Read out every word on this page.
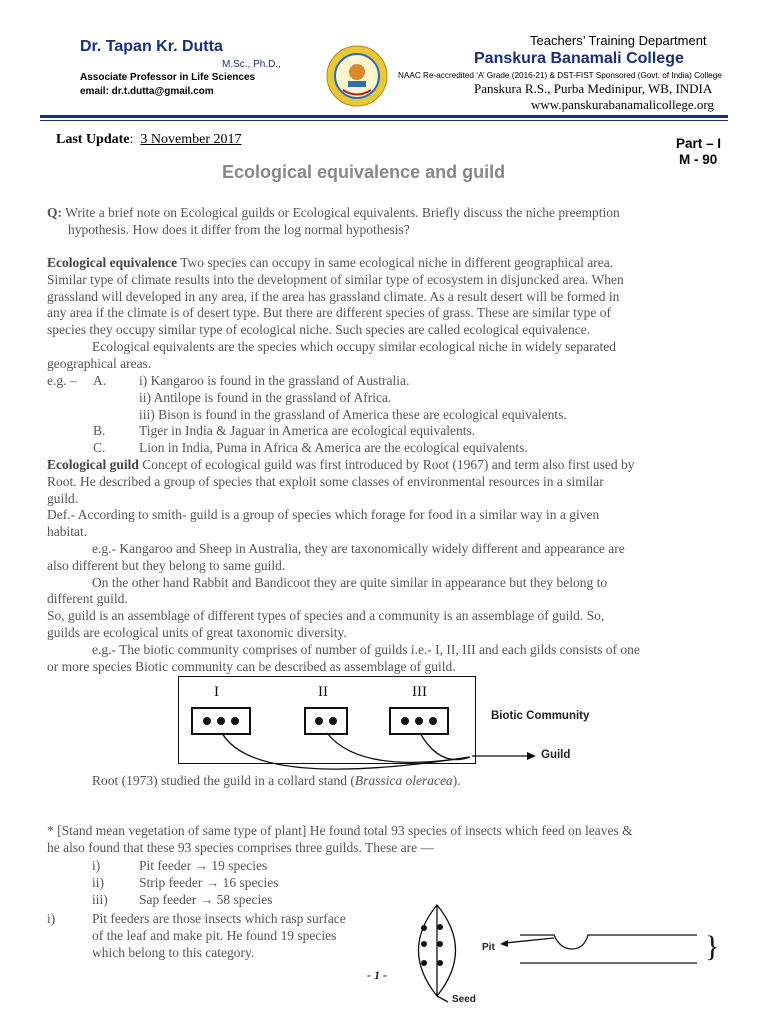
Dr. Tapan Kr. Dutta
M.Sc., Ph.D.,
Associate Professor in Life Sciences
email: dr.t.dutta@gmail.com
Teachers’ Training Department
Panskura Banamali College
NAAC Re-accredited ‘A’ Grade (2016-21) & DST-FIST Sponsored (Govt. of India) College
Panskura R.S., Purba Medinipur, WB, INDIA
www.panskurabanamalicollege.org
Last Update:  3 November 2017	Part – I
M - 90
Ecological equivalence and guild
Q: Write a brief note on Ecological guilds or Ecological equivalents. Briefly discuss the niche preemption
hypothesis. How does it differ from the log normal hypothesis?
Ecological equivalence Two species can occupy in same ecological niche in different geographical area.
Similar type of climate results into the development of similar type of ecosystem in disjuncked area. When
grassland will developed in any area, if the area has grassland climate. As a result desert will be formed in
any area if the climate is of desert type. But there are different species of grass. These are similar type of
species they occupy similar type of ecological niche. Such species are called ecological equivalence.
Ecological equivalents are the species which occupy similar ecological niche in widely separated
geographical areas.
e.g. – A. i) Kangaroo is found in the grassland of Australia.
ii) Antilope is found in the grassland of Africa.
iii) Bison is found in the grassland of America these are ecological equivalents.
B. Tiger in India & Jaguar in America are ecological equivalents.
C. Lion in India, Puma in Africa & America are the ecological equivalents.
Ecological guild Concept of ecological guild was first introduced by Root (1967) and term also first used by
Root. He described a group of species that exploit some classes of environmental resources in a similar
guild.
Def.- According to smith- guild is a group of species which forage for food in a similar way in a given
habitat.
e.g.- Kangaroo and Sheep in Australia, they are taxonomically widely different and appearance are
also different but they belong to same guild.
On the other hand Rabbit and Bandicoot they are quite similar in appearance but they belong to
different guild.
So, guild is an assemblage of different types of species and a community is an assemblage of guild. So,
guilds are ecological units of great taxonomic diversity.
e.g.- The biotic community comprises of number of guilds i.e.- I, II, III and each gilds consists of one
or more species Biotic community can be described as assemblage of guild.
I	II	III
Biotic Community
Guild
Root (1973) studied the guild in a collard stand (Brassica oleracea).
* [Stand mean vegetation of same type of plant] He found total 93 species of insects which feed on leaves &
he also found that these 93 species comprises three guilds. These are —
i)	Pit feeder → 19 species
ii)	Strip feeder → 16 species
iii) Sap feeder → 58 species
i)	Pit feeders are those insects which rasp surface
of the leaf and make pit. He found 19 species
which belong to this category.	Pit
Seed
}
- 1 -
